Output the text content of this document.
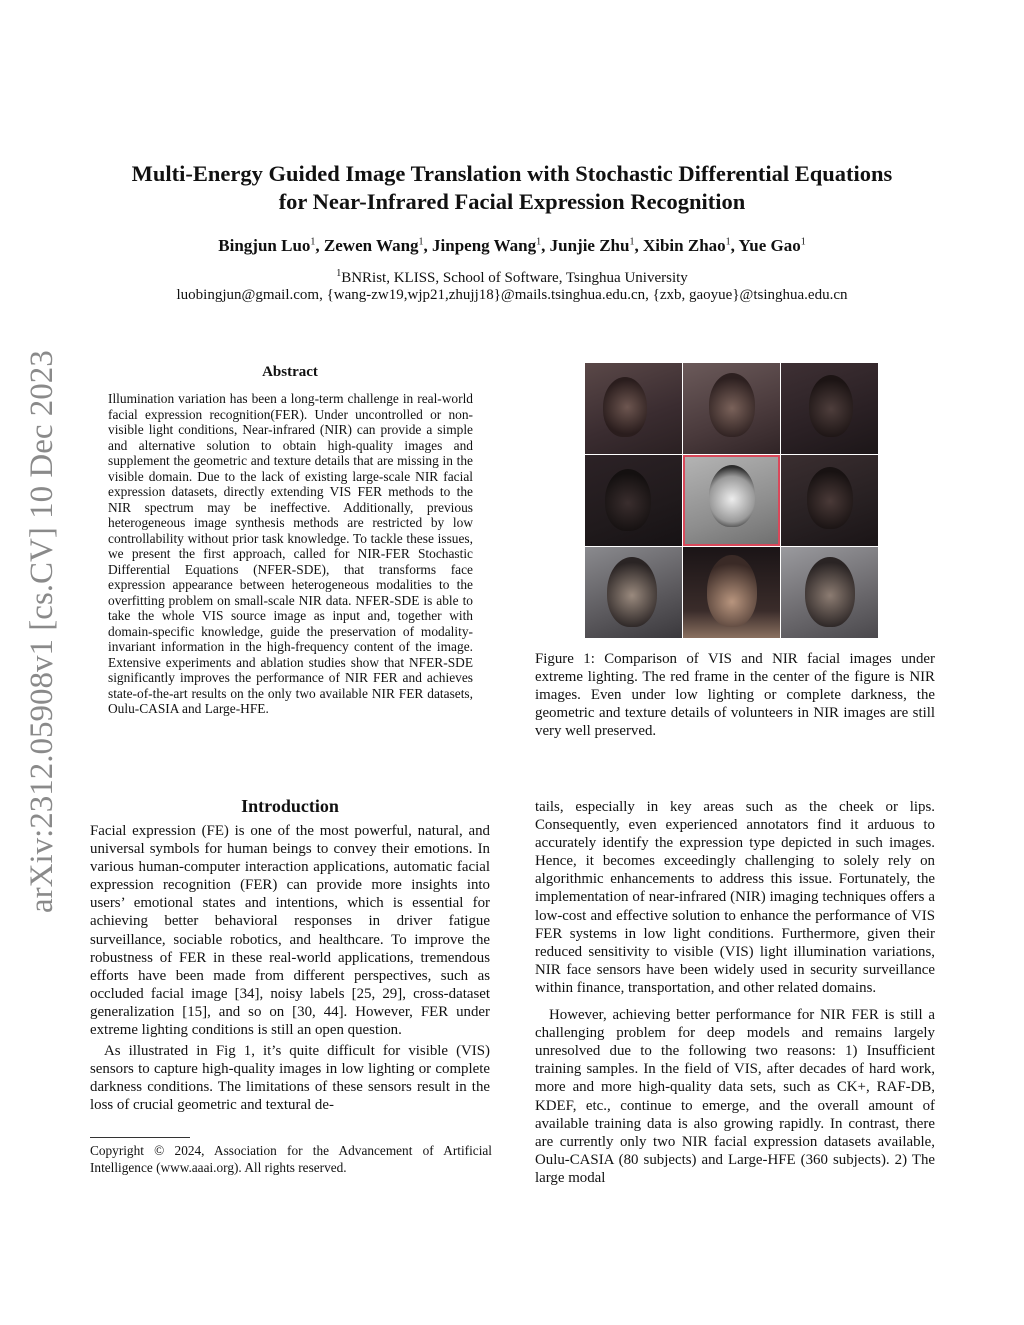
arXiv:2312.05908v1 [cs.CV] 10 Dec 2023
Multi-Energy Guided Image Translation with Stochastic Differential Equations
for Near-Infrared Facial Expression Recognition
Bingjun Luo$^1$, Zewen Wang$^1$, Jinpeng Wang$^1$, Junjie Zhu$^1$, Xibin Zhao$^1$, Yue Gao$^1$
$^1$BNRist, KLISS, School of Software, Tsinghua University
luobingjun@gmail.com, {wang-zw19,wjp21,zhujj18}@mails.tsinghua.edu.cn, {zxb, gaoyue}@tsinghua.edu.cn
Abstract

Illumination variation has been a long-term challenge in real-world facial expression recognition(FER). Under uncontrolled or non-visible light conditions, Near-infrared (NIR) can provide a simple and alternative solution to obtain high-quality images and supplement the geometric and texture details that are missing in the visible domain. Due to the lack of existing large-scale NIR facial expression datasets, directly extending VIS FER methods to the NIR spectrum may be ineffective. Additionally, previous heterogeneous image synthesis methods are restricted by low controllability without prior task knowledge. To tackle these issues, we present the first approach, called for NIR-FER Stochastic Differential Equations (NFER-SDE), that transforms face expression appearance between heterogeneous modalities to the overfitting problem on small-scale NIR data. NFER-SDE is able to take the whole VIS source image as input and, together with domain-specific knowledge, guide the preservation of modality-invariant information in the high-frequency content of the image. Extensive experiments and ablation studies show that NFER-SDE significantly improves the performance of NIR FER and achieves state-of-the-art results on the only two available NIR FER datasets, Oulu-CASIA and Large-HFE.

Introduction

Facial expression (FE) is one of the most powerful, natural, and universal symbols for human beings to convey their emotions. In various human-computer interaction applications, automatic facial expression recognition (FER) can provide more insights into users’ emotional states and intentions, which is essential for achieving better behavioral responses in driver fatigue surveillance, sociable robotics, and healthcare. To improve the robustness of FER in these real-world applications, tremendous efforts have been made from different perspectives, such as occluded facial image [34], noisy labels [25, 29], cross-dataset generalization [15], and so on [30, 44]. However, FER under extreme lighting conditions is still an open question.

As illustrated in Fig 1, it’s quite difficult for visible (VIS) sensors to capture high-quality images in low lighting or complete darkness conditions. The limitations of these sensors result in the loss of crucial geometric and textural de-

Copyright © 2024, Association for the Advancement of Artificial Intelligence (www.aaai.org). All rights reserved.

Figure 1: Comparison of VIS and NIR facial images under extreme lighting. The red frame in the center of the figure is NIR images. Even under low lighting or complete darkness, the geometric and texture details of volunteers in NIR images are still very well preserved.

tails, especially in key areas such as the cheek or lips. Consequently, even experienced annotators find it arduous to accurately identify the expression type depicted in such images. Hence, it becomes exceedingly challenging to solely rely on algorithmic enhancements to address this issue. Fortunately, the implementation of near-infrared (NIR) imaging techniques offers a low-cost and effective solution to enhance the performance of VIS FER systems in low light conditions. Furthermore, given their reduced sensitivity to visible (VIS) light illumination variations, NIR face sensors have been widely used in security surveillance within finance, transportation, and other related domains.

However, achieving better performance for NIR FER is still a challenging problem for deep models and remains largely unresolved due to the following two reasons: 1) Insufficient training samples. In the field of VIS, after decades of hard work, more and more high-quality data sets, such as CK+, RAF-DB, KDEF, etc., continue to emerge, and the overall amount of available training data is also growing rapidly. In contrast, there are currently only two NIR facial expression datasets available, Oulu-CASIA (80 subjects) and Large-HFE (360 subjects). 2) The large modal
